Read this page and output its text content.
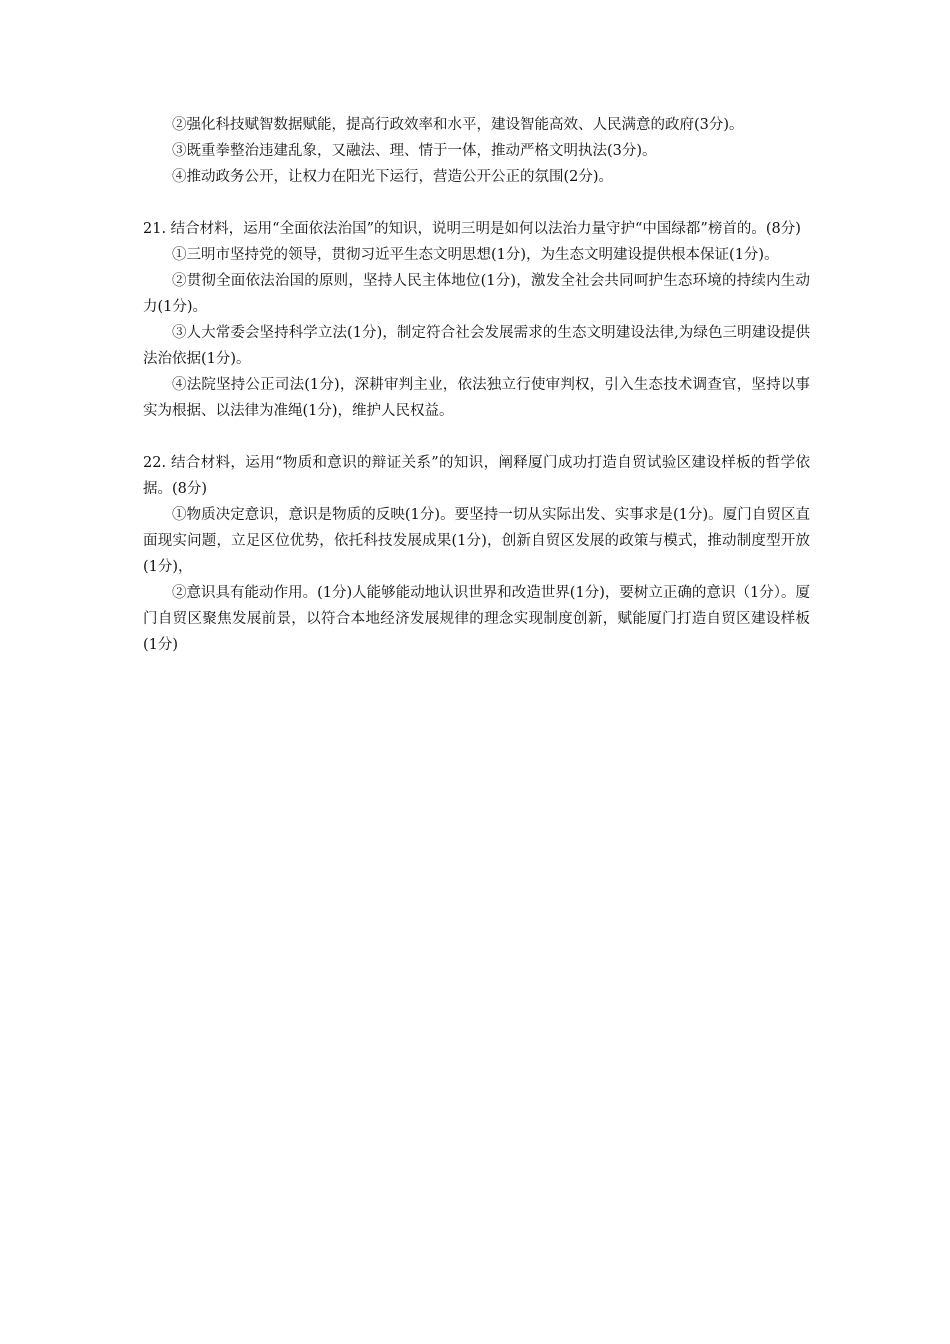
②强化科技赋智数据赋能，提高行政效率和水平，建设智能高效、人民满意的政府(3分)。

③既重拳整治违建乱象，又融法、理、情于一体，推动严格文明执法(3分)。

④推动政务公开，让权力在阳光下运行，营造公开公正的氛围(2分)。

21. 结合材料，运用“全面依法治国”的知识，说明三明是如何以法治力量守护“中国绿都”榜首的。(8分)

①三明市坚持党的领导，贯彻习近平生态文明思想(1分)，为生态文明建设提供根本保证(1分)。

②贯彻全面依法治国的原则，坚持人民主体地位(1分)，激发全社会共同呵护生态环境的持续内生动力(1分)。

③人大常委会坚持科学立法(1分)，制定符合社会发展需求的生态文明建设法律,为绿色三明建设提供法治依据(1分)。

④法院坚持公正司法(1分)，深耕审判主业，依法独立行使审判权，引入生态技术调查官，坚持以事实为根据、以法律为准绳(1分)，维护人民权益。

22. 结合材料，运用“物质和意识的辩证关系”的知识，阐释厦门成功打造自贸试验区建设样板的哲学依据。(8分)

①物质决定意识，意识是物质的反映(1分)。要坚持一切从实际出发、实事求是(1分)。厦门自贸区直面现实问题，立足区位优势，依托科技发展成果(1分)，创新自贸区发展的政策与模式，推动制度型开放(1分)，

②意识具有能动作用。(1分)人能够能动地认识世界和改造世界(1分)，要树立正确的意识（1分）。厦门自贸区聚焦发展前景，以符合本地经济发展规律的理念实现制度创新，赋能厦门打造自贸区建设样板(1分)
